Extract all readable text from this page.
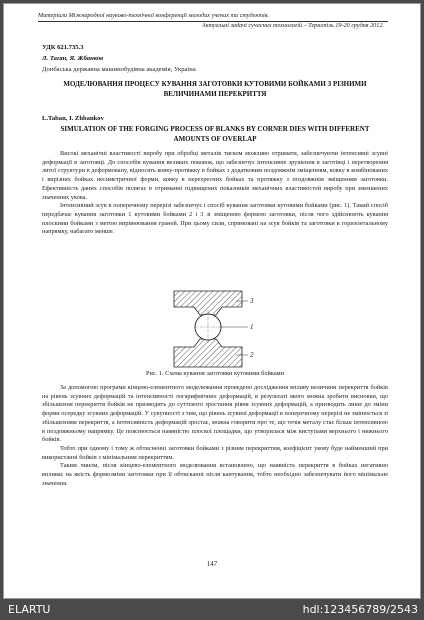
Матеріали Міжнародної науково-технічної конференції молодих учених та студентів.
Актуальні задачі сучасних технологій – Тернопіль 19-20 грудня 2012.
УДК 621.735.3
Л. Таган, Я. Жбанков
Донбаська державна машинобудівна академія, Україна
МОДЕЛЮВАННЯ ПРОЦЕСУ КУВАННЯ ЗАГОТОВКИ КУТОВИМИ БОЙКАМИ З РІЗНИМИ ВЕЛИЧИНАМИ ПЕРЕКРИТТЯ
L.Taban, I. Zhbankov
SIMULATION OF THE FORGING PROCESS OF BLANKS BY CORNER DIES WITH DIFFERENT AMOUNTS OF OVERLAP

Високі механічні властивості виробу при обробці металів тиском можливо отримати, забезпечуючи інтенсивні зсувні деформації в заготовці. До способів кування великих поковок, що забезпечує інтенсивне зрушення в заготівці і перетворення литої структури в деформовану, відносять ковку-протяжку в бойках з додатковим поздовжнім зміщенням, ковку в комбінованих і вирізних бойках несиметричної форми, ковку в перехресних бойках та протяжку з поздовжнім зміщенням заготовки. Ефективність даних способів полягає в отриманні підвищених показників механічних властивостей виробу при зменшених значеннях укова.

Інтенсивний зсув в поперечному перерізі забезпечує і спосіб кування заготовки кутовими бойками (рис. 1). Такий спосіб передбачає кування заготовки 1 кутовими бойками 2 і 3 зі зміщеною формою заготовки, після чого здійснюють кування плоскими бойками з метою вирівнювання граней. При цьому сили, спрямовані на зсув бойків та заготовки в горизонтальному напрямку, набагато менше.

3
1
2
Рис. 1. Схема кування заготовки кутовими бойками

За допомогою програми кінцево-елементного моделювання проведено дослідження впливу величини перекриття бойків на рівень зсувних деформацій та інтенсивності логарифмічних деформацій, в результаті якого можна зробити висновки, що збільшення перекриття бойків не призводить до суттєвого зростання рівня зсувних деформацій, а призводить лише до зміни форми осередку зсувних деформацій. У сукупності з тим, що рівень зсувної деформації в поперечному перерізі не змінюється зі збільшенням перекриття, а інтенсивність деформацій зростає, можна говорити про те, що течія металу стає більш інтенсивною в поздовжньому напрямку. Це пояснюється наявністю плоскої площадки, що утворилася між виступами верхнього і нижнього бойків.

Тобто при одному і тому ж обтисненні заготовки бойками з різним перекриттям, коефіцієнт укову буде найменший при використанні бойків з мінімальним перекриттям.

Таким чином, після кінцево-елементного моделювання встановлено, що наявність перекриття в бойках негативно впливає на якість формозміни заготовки при її обтисканні після кантування, тобто необхідно забезпечувати його мінімальне значення.

147
ELARTU	hdl:123456789/2543
